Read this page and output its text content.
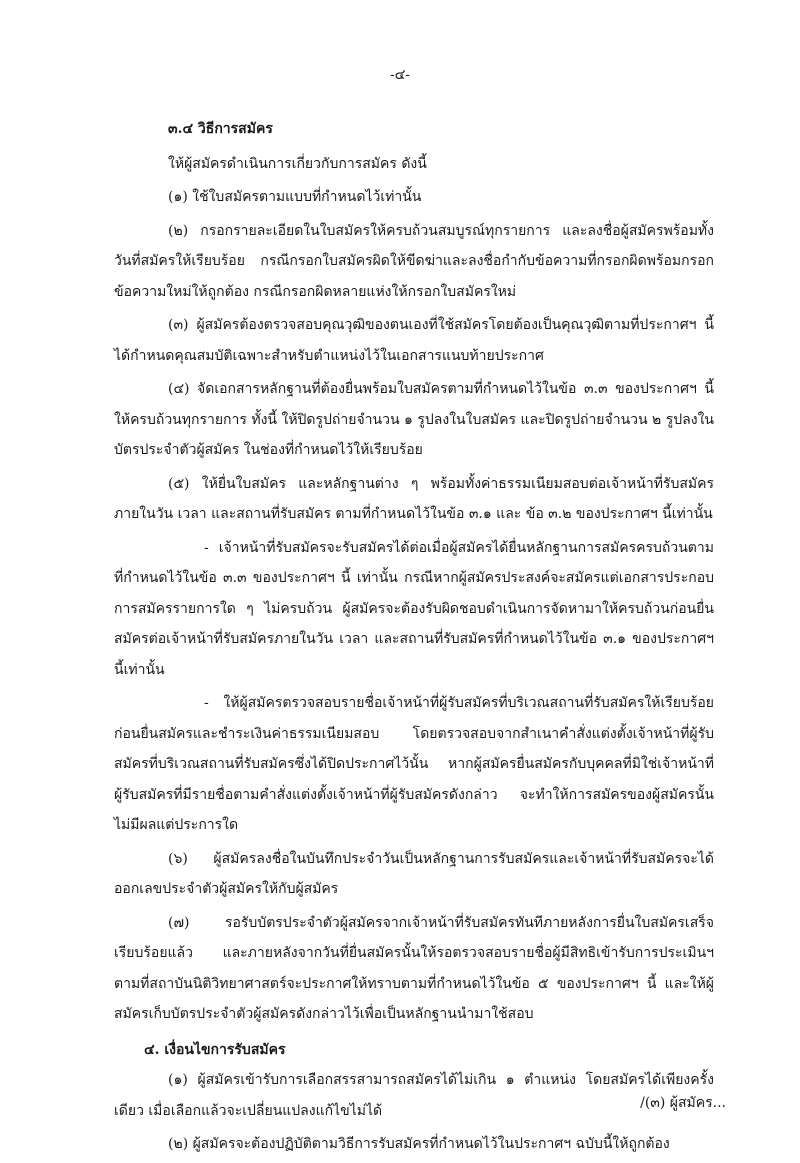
-๔-

๓.๔ วิธีการสมัคร

ให้ผู้สมัครดำเนินการเกี่ยวกับการสมัคร ดังนี้

(๑) ใช้ใบสมัครตามแบบที่กำหนดไว้เท่านั้น

(๒) กรอกรายละเอียดในใบสมัครให้ครบถ้วนสมบูรณ์ทุกรายการ และลงชื่อผู้สมัครพร้อมทั้งวันที่สมัครให้เรียบร้อย กรณีกรอกใบสมัครผิดให้ขีดฆ่าและลงชื่อกำกับข้อความที่กรอกผิดพร้อมกรอกข้อความใหม่ให้ถูกต้อง กรณีกรอกผิดหลายแห่งให้กรอกใบสมัครใหม่

(๓) ผู้สมัครต้องตรวจสอบคุณวุฒิของตนเองที่ใช้สมัครโดยต้องเป็นคุณวุฒิตามที่ประกาศฯ นี้ได้กำหนดคุณสมบัติเฉพาะสำหรับตำแหน่งไว้ในเอกสารแนบท้ายประกาศ

(๔) จัดเอกสารหลักฐานที่ต้องยื่นพร้อมใบสมัครตามที่กำหนดไว้ในข้อ ๓.๓ ของประกาศฯ นี้ให้ครบถ้วนทุกรายการ ทั้งนี้ ให้ปิดรูปถ่ายจำนวน ๑ รูปลงในใบสมัคร และปิดรูปถ่ายจำนวน ๒ รูปลงในบัตรประจำตัวผู้สมัคร ในช่องที่กำหนดไว้ให้เรียบร้อย

(๕) ให้ยื่นใบสมัคร และหลักฐานต่าง ๆ พร้อมทั้งค่าธรรมเนียมสอบต่อเจ้าหน้าที่รับสมัคร ภายในวัน เวลา และสถานที่รับสมัคร ตามที่กำหนดไว้ในข้อ ๓.๑ และ ข้อ ๓.๒ ของประกาศฯ นี้เท่านั้น

- เจ้าหน้าที่รับสมัครจะรับสมัครได้ต่อเมื่อผู้สมัครได้ยื่นหลักฐานการสมัครครบถ้วนตามที่กำหนดไว้ในข้อ ๓.๓ ของประกาศฯ นี้ เท่านั้น กรณีหากผู้สมัครประสงค์จะสมัครแต่เอกสารประกอบการสมัครรายการใด ๆ ไม่ครบถ้วน ผู้สมัครจะต้องรับผิดชอบดำเนินการจัดหามาให้ครบถ้วนก่อนยื่นสมัครต่อเจ้าหน้าที่รับสมัครภายในวัน เวลา และสถานที่รับสมัครที่กำหนดไว้ในข้อ ๓.๑ ของประกาศฯ นี้เท่านั้น

- ให้ผู้สมัครตรวจสอบรายชื่อเจ้าหน้าที่ผู้รับสมัครที่บริเวณสถานที่รับสมัครให้เรียบร้อยก่อนยื่นสมัครและชำระเงินค่าธรรมเนียมสอบ โดยตรวจสอบจากสำเนาคำสั่งแต่งตั้งเจ้าหน้าที่ผู้รับสมัครที่บริเวณสถานที่รับสมัครซึ่งได้ปิดประกาศไว้นั้น หากผู้สมัครยื่นสมัครกับบุคคลที่มิใช่เจ้าหน้าที่ผู้รับสมัครที่มีรายชื่อตามคำสั่งแต่งตั้งเจ้าหน้าที่ผู้รับสมัครดังกล่าว จะทำให้การสมัครของผู้สมัครนั้นไม่มีผลแต่ประการใด

(๖) ผู้สมัครลงชื่อในบันทึกประจำวันเป็นหลักฐานการรับสมัครและเจ้าหน้าที่รับสมัครจะได้ออกเลขประจำตัวผู้สมัครให้กับผู้สมัคร

(๗) รอรับบัตรประจำตัวผู้สมัครจากเจ้าหน้าที่รับสมัครทันทีภายหลังการยื่นใบสมัครเสร็จเรียบร้อยแล้ว และภายหลังจากวันที่ยื่นสมัครนั้นให้รอตรวจสอบรายชื่อผู้มีสิทธิเข้ารับการประเมินฯ ตามที่สถาบันนิติวิทยาศาสตร์จะประกาศให้ทราบตามที่กำหนดไว้ในข้อ ๕ ของประกาศฯ นี้ และให้ผู้สมัครเก็บบัตรประจำตัวผู้สมัครดังกล่าวไว้เพื่อเป็นหลักฐานนำมาใช้สอบ

๔. เงื่อนไขการรับสมัคร

(๑) ผู้สมัครเข้ารับการเลือกสรรสามารถสมัครได้ไม่เกิน ๑ ตำแหน่ง โดยสมัครได้เพียงครั้งเดียว เมื่อเลือกแล้วจะเปลี่ยนแปลงแก้ไขไม่ได้

(๒) ผู้สมัครจะต้องปฏิบัติตามวิธีการรับสมัครที่กำหนดไว้ในประกาศฯ ฉบับนี้ให้ถูกต้อง

/(๓) ผู้สมัคร...
